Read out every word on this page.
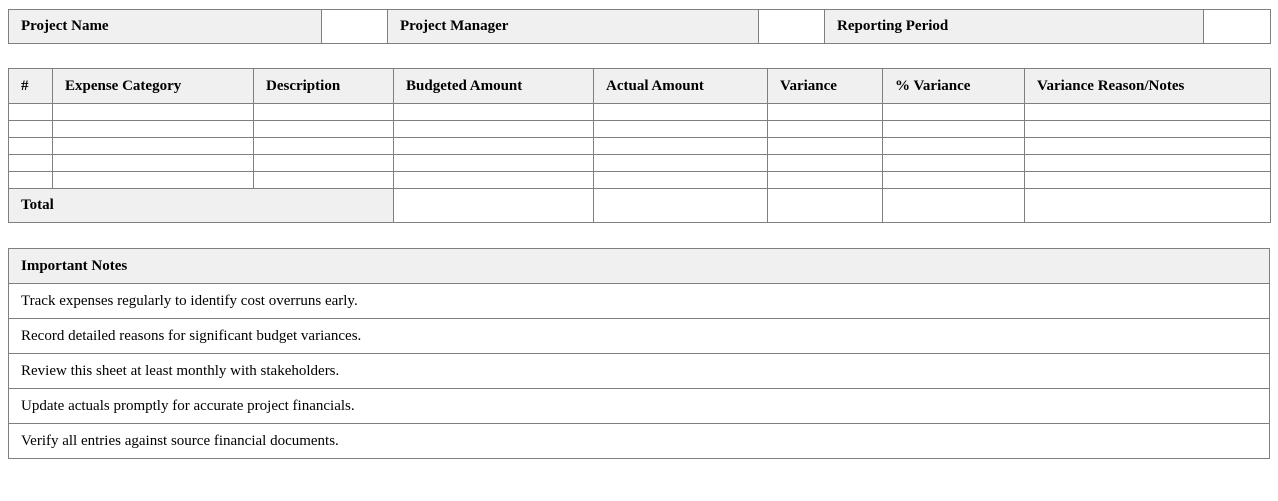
Project Name		Project Manager		Reporting Period	
#	Expense Category	Description	Budgeted Amount	Actual Amount	Variance	% Variance	Variance Reason/Notes

Total							
Important Notes
Track expenses regularly to identify cost overruns early.
Record detailed reasons for significant budget variances.
Review this sheet at least monthly with stakeholders.
Update actuals promptly for accurate project financials.
Verify all entries against source financial documents.
